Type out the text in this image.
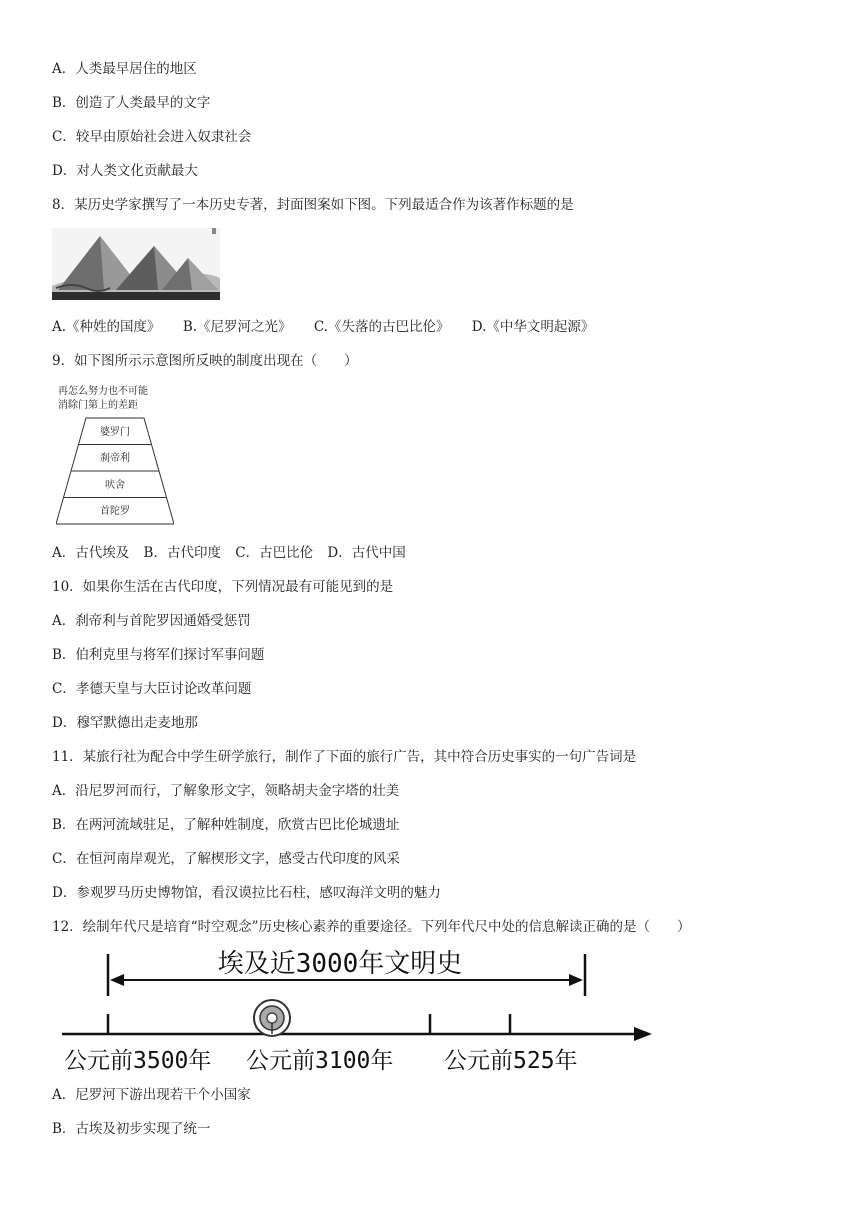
A．人类最早居住的地区
B．创造了人类最早的文字
C．较早由原始社会进入奴隶社会
D．对人类文化贡献最大
8．某历史学家撰写了一本历史专著，封面图案如下图。下列最适合作为该著作标题的是
A.《种姓的国度》 B.《尼罗河之光》 C.《失落的古巴比伦》 D.《中华文明起源》
9．如下图所示示意图所反映的制度出现在（　　）
再怎么努力也不可能
消除门第上的差距
婆罗门
刹帝利
吠舍
首陀罗
A．古代埃及 B．古代印度 C．古巴比伦 D．古代中国
10．如果你生活在古代印度，下列情况最有可能见到的是
A．刹帝利与首陀罗因通婚受惩罚
B．伯利克里与将军们探讨军事问题
C．孝德天皇与大臣讨论改革问题
D．穆罕默德出走麦地那
11．某旅行社为配合中学生研学旅行，制作了下面的旅行广告，其中符合历史事实的一句广告词是
A．沿尼罗河而行，了解象形文字，领略胡夫金字塔的壮美
B．在两河流域驻足，了解种姓制度，欣赏古巴比伦城遗址
C．在恒河南岸观光，了解楔形文字，感受古代印度的风采
D．参观罗马历史博物馆，看汉谟拉比石柱，感叹海洋文明的魅力
12．绘制年代尺是培育“时空观念”历史核心素养的重要途径。下列年代尺中处的信息解读正确的是（　　）
埃及近3000年文明史
公元前3500年 公元前3100年 公元前525年
A．尼罗河下游出现若干个小国家
B．古埃及初步实现了统一
